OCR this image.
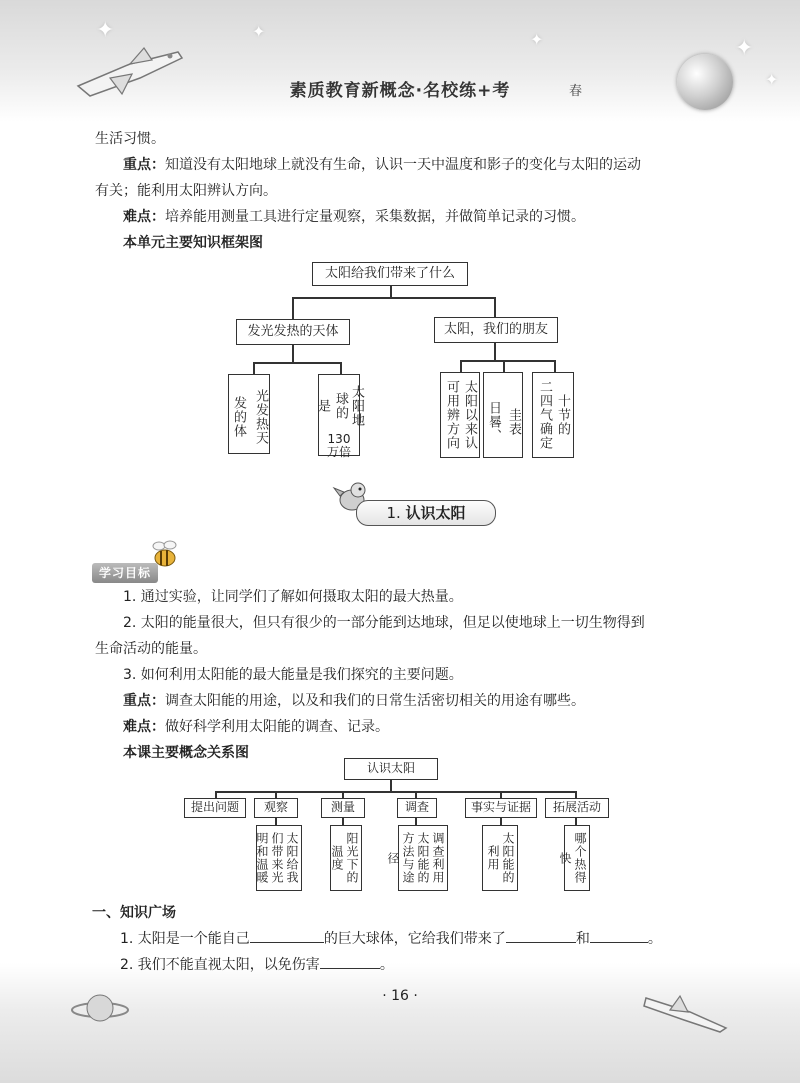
✦	✦	✦	✦
✦
素质教育新概念·名校练+考	春

生活习惯。

重点：知道没有太阳地球上就没有生命，认识一天中温度和影子的变化与太阳的运动

有关；能利用太阳辨认方向。

难点：培养能用测量工具进行定量观察，采集数据，并做简单记录的习惯。

本单元主要知识框架图

太阳给我们带来了什么
发光发热的天体	太阳，我们的朋友
光发热天
发的体	太阳地球的
是
130
万倍
太阳以来认
可用辨方向	圭表
日晷、	十节的
二四气确定
1. 认识太阳
学习目标

1. 通过实验，让同学们了解如何摄取太阳的最大热量。

2. 太阳的能量很大，但只有很少的一部分能到达地球，但足以使地球上一切生物得到

生命活动的能量。

3. 如何利用太阳能的最大能量是我们探究的主要问题。

重点：调查太阳能的用途，以及和我们的日常生活密切相关的用途有哪些。

难点：做好科学利用太阳能的调查、记录。

本课主要概念关系图

认识太阳
提出问题	观察	测量	调查	事实与证据	拓展活动
太阳给我们带来光明和温暖	阳光下的温度	调查利用太阳能的方法与途径	太阳能的利用	哪个热得快

一、知识广场

1. 太阳是一个能自己	的巨大球体，它给我们带来了	和	。

2. 我们不能直视太阳，以免伤害	。

· 16 ·
